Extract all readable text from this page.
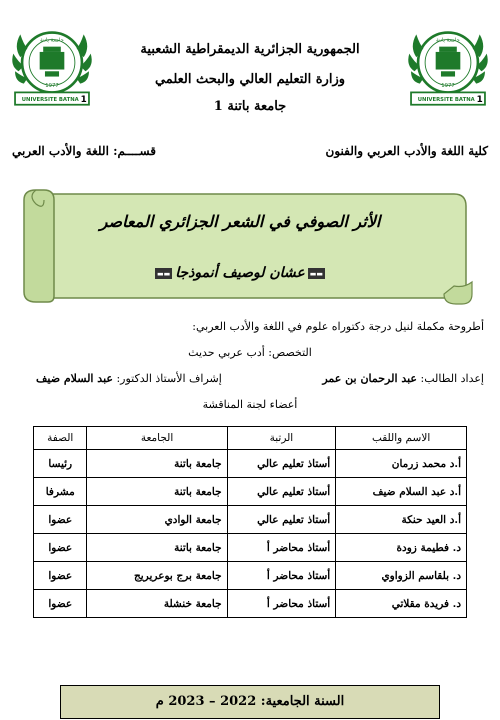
UNIVERSITE BATNA 1
1977
جامعة باتنة
UNIVERSITE BATNA 1
1977
جامعة باتنة
الجمهورية الجزائرية الديمقراطية الشعبية
وزارة التعليم العالي والبحث العلمي
جامعة باتنة 1
كلية اللغة والأدب العربي والفنون
قســــم: اللغة والأدب العربي
الأثر الصوفي في الشعر الجزائري المعاصر
▬▬عشان لوصيف أنموذجا▬▬
أطروحة مكملة لنيل درجة دكتوراه علوم في اللغة والأدب العربي:
التخصص: أدب عربي حديث
إعداد الطالب: عبد الرحمان بن عمر
إشراف الأستاذ الدكتور: عبد السلام ضيف
أعضاء لجنة المناقشة
الاسم واللقب	الرتبة	الجامعة	الصفة
أ.د محمد زرمان	أستاذ تعليم عالي	جامعة باتنة	رئيسا
أ.د عبد السلام ضيف	أستاذ تعليم عالي	جامعة باتنة	مشرفا
أ.د العيد حنكة	أستاذ تعليم عالي	جامعة الوادي	عضوا
د. فطيمة زودة	أستاذ محاضر أ	جامعة باتنة	عضوا
د. بلقاسم الزواوي	أستاذ محاضر أ	جامعة برج بوعريريج	عضوا
د. فريدة مقلاتي	أستاذ محاضر أ	جامعة خنشلة	عضوا
السنة الجامعية: 2022 – 2023 م
